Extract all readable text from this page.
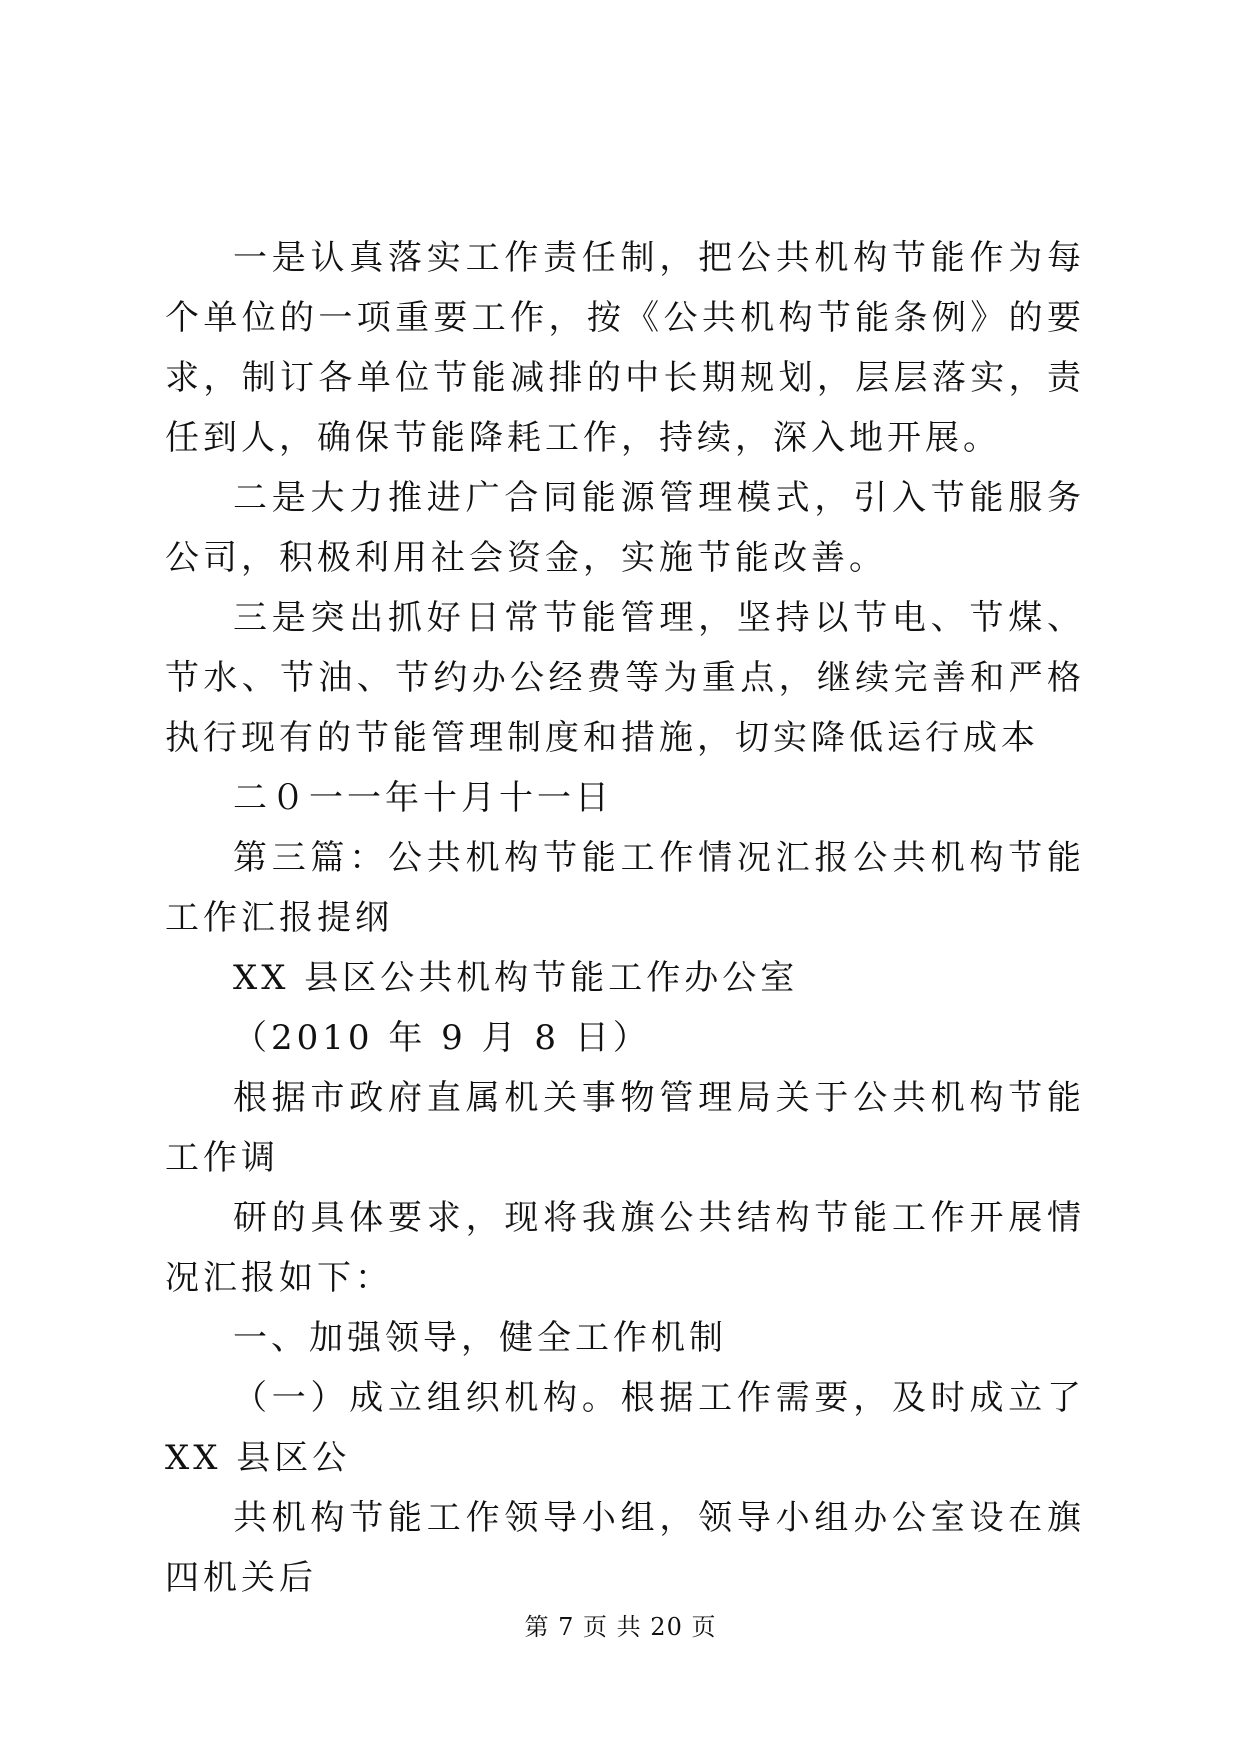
一是认真落实工作责任制，把公共机构节能作为每个单位的一项重要工作，按《公共机构节能条例》的要求，制订各单位节能减排的中长期规划，层层落实，责任到人，确保节能降耗工作，持续，深入地开展。

二是大力推进广合同能源管理模式，引入节能服务公司，积极利用社会资金，实施节能改善。

三是突出抓好日常节能管理，坚持以节电、节煤、节水、节油、节约办公经费等为重点，继续完善和严格执行现有的节能管理制度和措施，切实降低运行成本

二０一一年十月十一日

第三篇：公共机构节能工作情况汇报公共机构节能工作汇报提纲

XX 县区公共机构节能工作办公室

（2010 年 9 月 8 日）

根据市政府直属机关事物管理局关于公共机构节能工作调

研的具体要求，现将我旗公共结构节能工作开展情况汇报如下：

一、加强领导，健全工作机制

（一）成立组织机构。根据工作需要，及时成立了 XX 县区公

共机构节能工作领导小组，领导小组办公室设在旗四机关后

第 7 页 共 20 页
